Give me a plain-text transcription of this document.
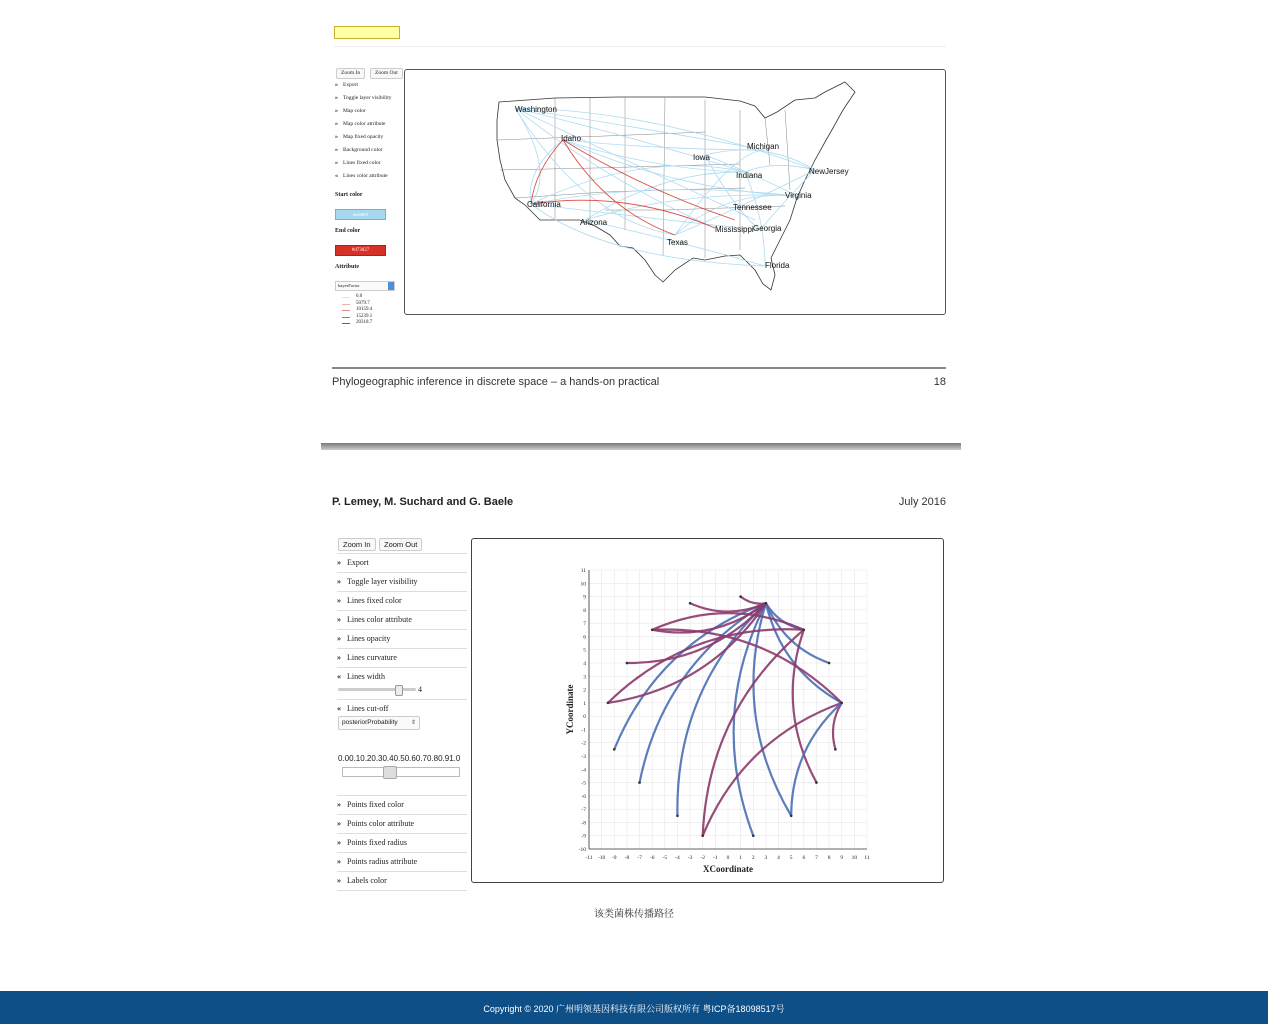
Zoom In	Zoom Out
» Export
» Toggle layer visibility
» Map color
» Map color attribute
» Map fixed opacity
» Background color
» Lines fixed color
« Lines color attribute
Start color
#a6d8f0
End color
#d73027
Attribute
bayesFactor
0.0
5079.7
10159.4
15239.1
20318.7
Washington
Idaho
Iowa
Michigan
Indiana	NewJersey
Virginia
California
Arizona
Tennessee
Mississippi Georgia
Texas
Florida
Phylogeographic inference in discrete space – a hands-on practical	18
P. Lemey, M. Suchard and G. Baele	July 2016
Zoom In	Zoom Out
» Export
» Toggle layer visibility
» Lines fixed color
» Lines color attribute
» Lines opacity
» Lines curvature
« Lines width
4
« Lines cut-off
posteriorProbability ⇕
0.00.10.20.30.40.50.60.70.80.91.0
» Points fixed color
» Points color attribute
» Points fixed radius
» Points radius attribute
» Labels color
-11 -10 -9 -8 -7 -6 -5 -4 -3 -2 -1 0 1 2 3 4 5 6 7 8 9 10 11
11
10
9
8
7
6
5
4
3
2
1
0
-1
-2
-3
-4
-5
-6
-7
-8
-9
-10
XCoordinate
YCoordinate
该类菌株传播路径
Copyright © 2020 广州明领基因科技有限公司版权所有 粤ICP备18098517号
